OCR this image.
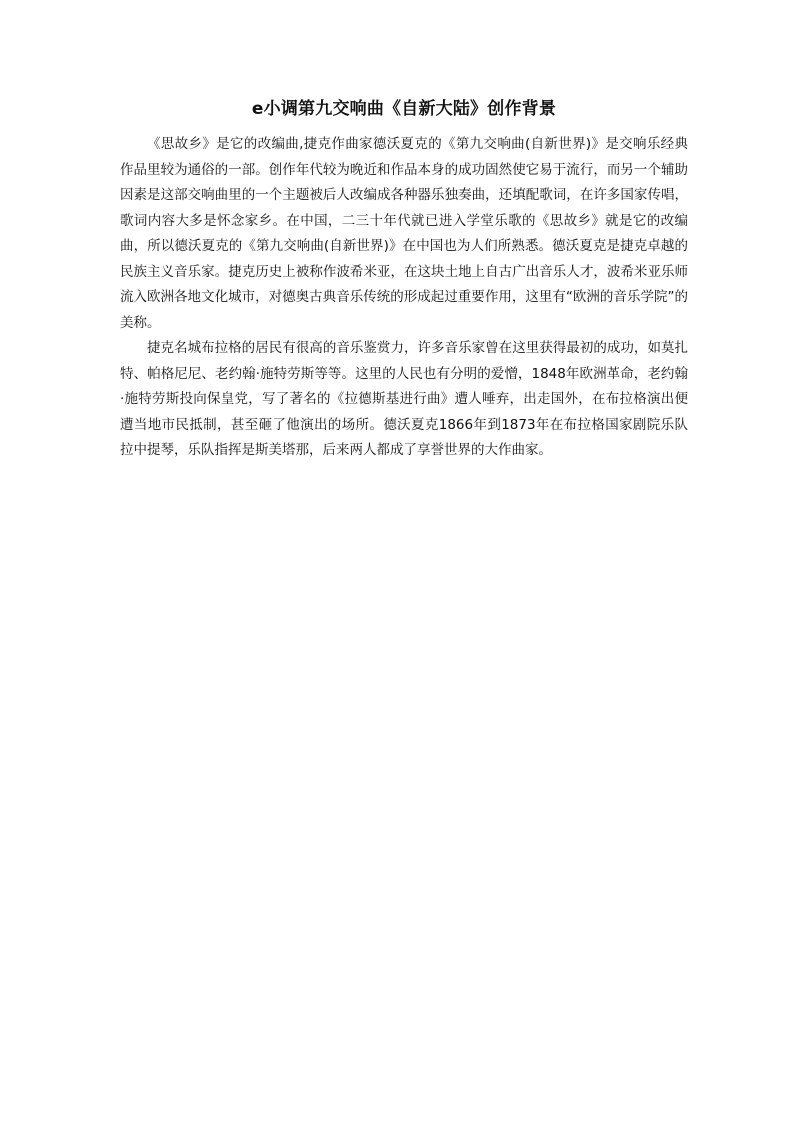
e小调第九交响曲《自新大陆》创作背景

《思故乡》是它的改编曲,捷克作曲家德沃夏克的《第九交响曲(自新世界)》是交响乐经典作品里较为通俗的一部。创作年代较为晚近和作品本身的成功固然使它易于流行，而另一个辅助因素是这部交响曲里的一个主题被后人改编成各种器乐独奏曲，还填配歌词，在许多国家传唱，歌词内容大多是怀念家乡。在中国，二三十年代就已进入学堂乐歌的《思故乡》就是它的改编曲，所以德沃夏克的《第九交响曲(自新世界)》在中国也为人们所熟悉。德沃夏克是捷克卓越的民族主义音乐家。捷克历史上被称作波希米亚，在这块土地上自古广出音乐人才，波希米亚乐师流入欧洲各地文化城市，对德奥古典音乐传统的形成起过重要作用，这里有“欧洲的音乐学院”的美称。

捷克名城布拉格的居民有很高的音乐鉴赏力，许多音乐家曾在这里获得最初的成功，如莫扎特、帕格尼尼、老约翰·施特劳斯等等。这里的人民也有分明的爱憎，1848年欧洲革命，老约翰·施特劳斯投向保皇党，写了著名的《拉德斯基进行曲》遭人唾弃，出走国外，在布拉格演出便遭当地市民抵制，甚至砸了他演出的场所。德沃夏克1866年到1873年在布拉格国家剧院乐队拉中提琴，乐队指挥是斯美塔那，后来两人都成了享誉世界的大作曲家。
